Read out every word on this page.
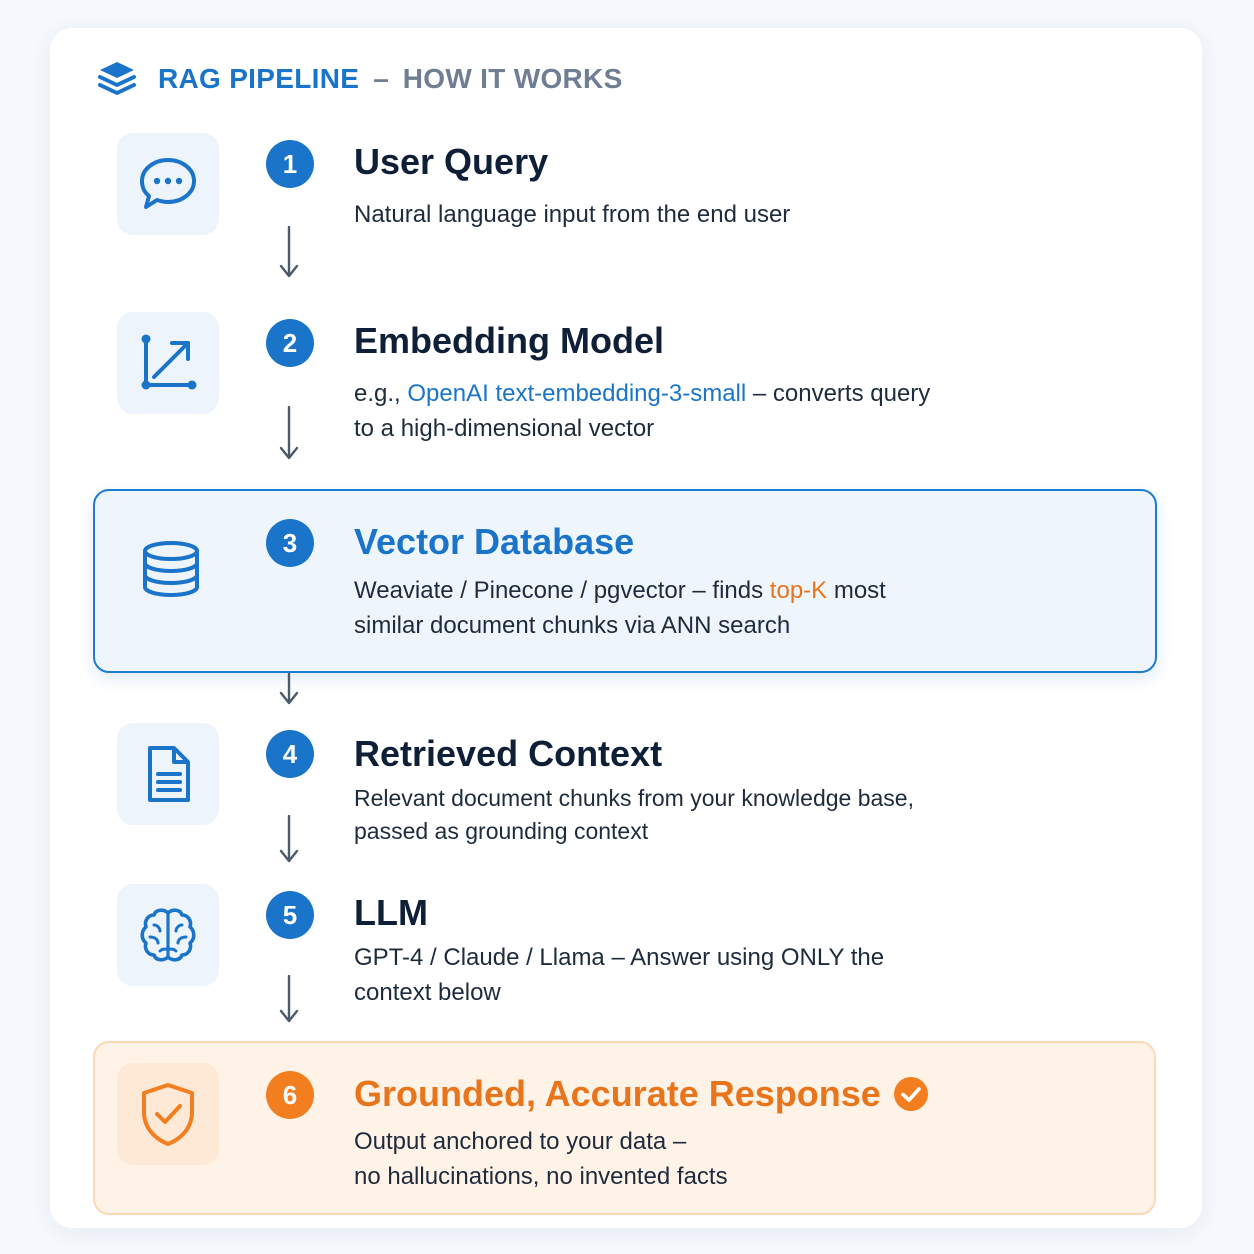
RAG PIPELINE – HOW IT WORKS
1	User Query
Natural language input from the end user
2	Embedding Model
e.g., OpenAI text-embedding-3-small – converts query
to a high-dimensional vector
3	Vector Database
Weaviate / Pinecone / pgvector – finds top-K most
similar document chunks via ANN search
4	Retrieved Context
Relevant document chunks from your knowledge base,
passed as grounding context
5	LLM
GPT-4 / Claude / Llama – Answer using ONLY the
context below
6	Grounded, Accurate Response
Output anchored to your data –
no hallucinations, no invented facts
